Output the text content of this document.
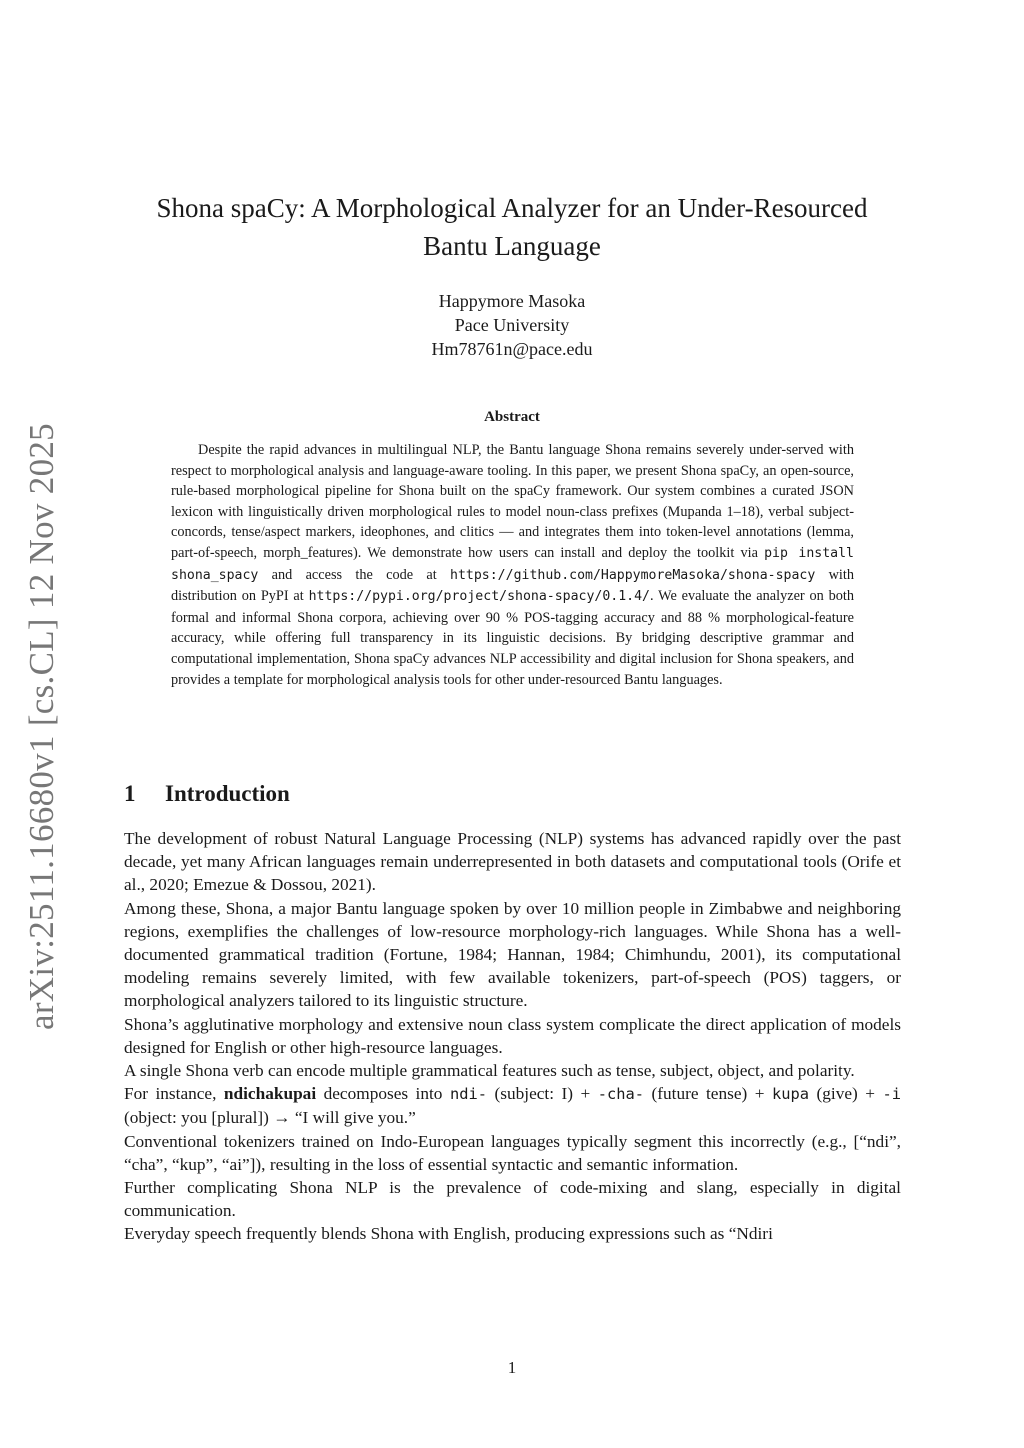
arXiv:2511.16680v1 [cs.CL] 12 Nov 2025
Shona spaCy: A Morphological Analyzer for an Under-Resourced
Bantu Language
Happymore Masoka
Pace University
Hm78761n@pace.edu
Abstract

Despite the rapid advances in multilingual NLP, the Bantu language Shona remains severely under-served with respect to morphological analysis and language-aware tooling. In this paper, we present Shona spaCy, an open-source, rule-based morphological pipeline for Shona built on the spaCy framework. Our system combines a curated JSON lexicon with linguistically driven morphological rules to model noun-class prefixes (Mupanda 1–18), verbal subject-concords, tense/aspect markers, ideophones, and clitics — and integrates them into token-level annotations (lemma, part-of-speech, morph_features). We demonstrate how users can install and deploy the toolkit via pip install shona_spacy and access the code at https://github.com/HappymoreMasoka/shona-spacy with distribution on PyPI at https://pypi.org/project/shona-spacy/0.1.4/. We evaluate the analyzer on both formal and informal Shona corpora, achieving over 90 % POS-tagging accuracy and 88 % morphological-feature accuracy, while offering full transparency in its linguistic decisions. By bridging descriptive grammar and computational implementation, Shona spaCy advances NLP accessibility and digital inclusion for Shona speakers, and provides a template for morphological analysis tools for other under-resourced Bantu languages.

1 Introduction

The development of robust Natural Language Processing (NLP) systems has advanced rapidly over the past decade, yet many African languages remain underrepresented in both datasets and computational tools (Orife et al., 2020; Emezue & Dossou, 2021).

Among these, Shona, a major Bantu language spoken by over 10 million people in Zimbabwe and neighboring regions, exemplifies the challenges of low-resource morphology-rich languages. While Shona has a well-documented grammatical tradition (Fortune, 1984; Hannan, 1984; Chimhundu, 2001), its computational modeling remains severely limited, with few available tokenizers, part-of-speech (POS) taggers, or morphological analyzers tailored to its linguistic structure.

Shona’s agglutinative morphology and extensive noun class system complicate the direct application of models designed for English or other high-resource languages.

A single Shona verb can encode multiple grammatical features such as tense, subject, object, and polarity.

For instance, ndichakupai decomposes into ndi- (subject: I) + -cha- (future tense) + kupa (give) + -i (object: you [plural]) → “I will give you.”

Conventional tokenizers trained on Indo-European languages typically segment this incorrectly (e.g., [“ndi”, “cha”, “kup”, “ai”]), resulting in the loss of essential syntactic and semantic information.

Further complicating Shona NLP is the prevalence of code-mixing and slang, especially in digital communication.

Everyday speech frequently blends Shona with English, producing expressions such as “Ndiri

1
